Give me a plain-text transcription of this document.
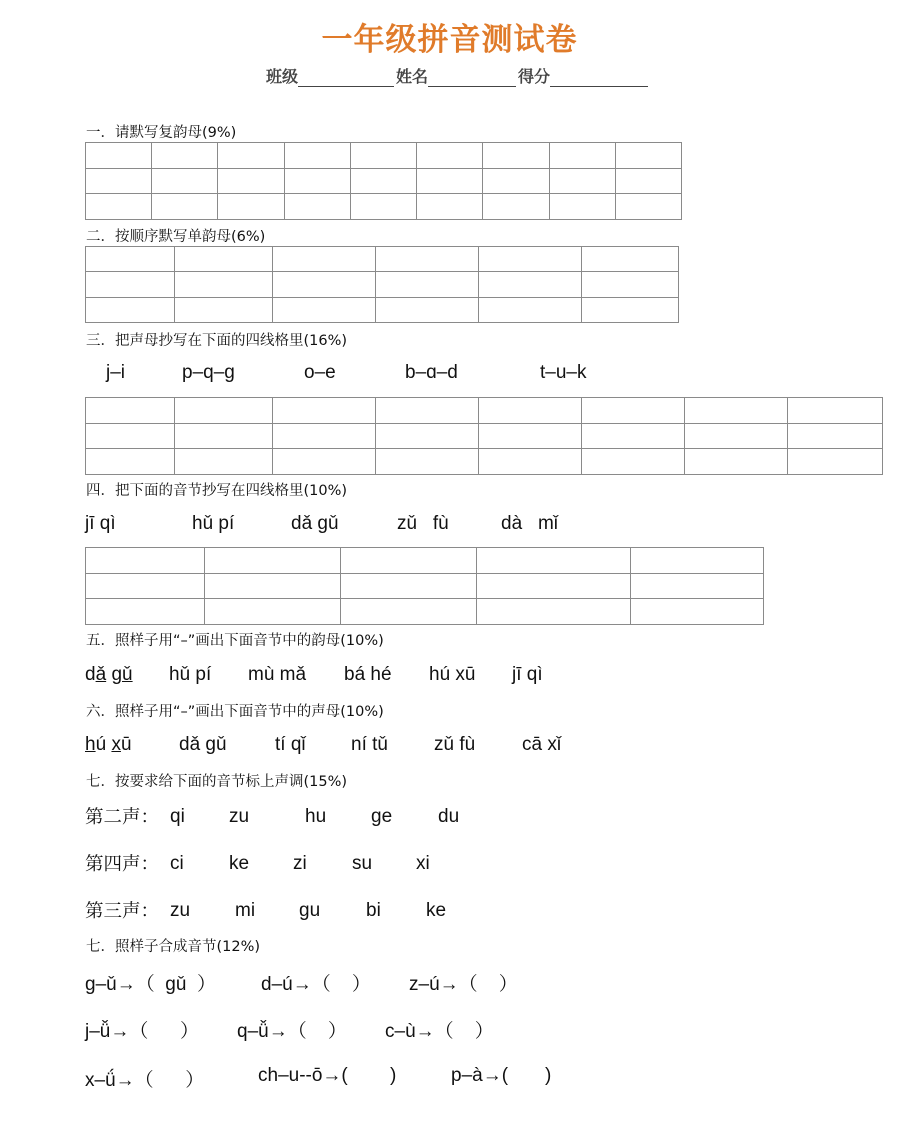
一年级拼音测试卷
班级	姓名	得分
一．请默写复韵母(9%)

二．按顺序默写单韵母(6%)

三．把声母抄写在下面的四线格里(16%)
j–i	p–q–g	o–e	b–ɑ–d	t–u–k

四．把下面的音节抄写在四线格里(10%)
jī qì	hǔ pí	dǎ gǔ	zǔ   fù	dà   mǐ

五．照样子用“–”画出下面音节中的韵母(10%)
dǎ gǔ hǔ pí mù mǎ bá hé hú xū jī qì
六．照样子用“–”画出下面音节中的声母(10%)
hú xū dǎ gǔ	tí qǐ ní tǔ zǔ fù cā xǐ
七．按要求给下面的音节标上声调(15%)
第二声： qi zu	hu ge du
第四声： ci ke zi su xi
第三声： zu mi gu bi ke
七．照样子合成音节(12%)
g–ǔ→（  gǔ  ） d–ú→（    ） z–ú→（    ）
j–ǚ→（      ） q–ǚ→（    ） c–ù→（    ）
x–ǘ→（      ）	ch–u--ō→(        )	p–à→(       )
